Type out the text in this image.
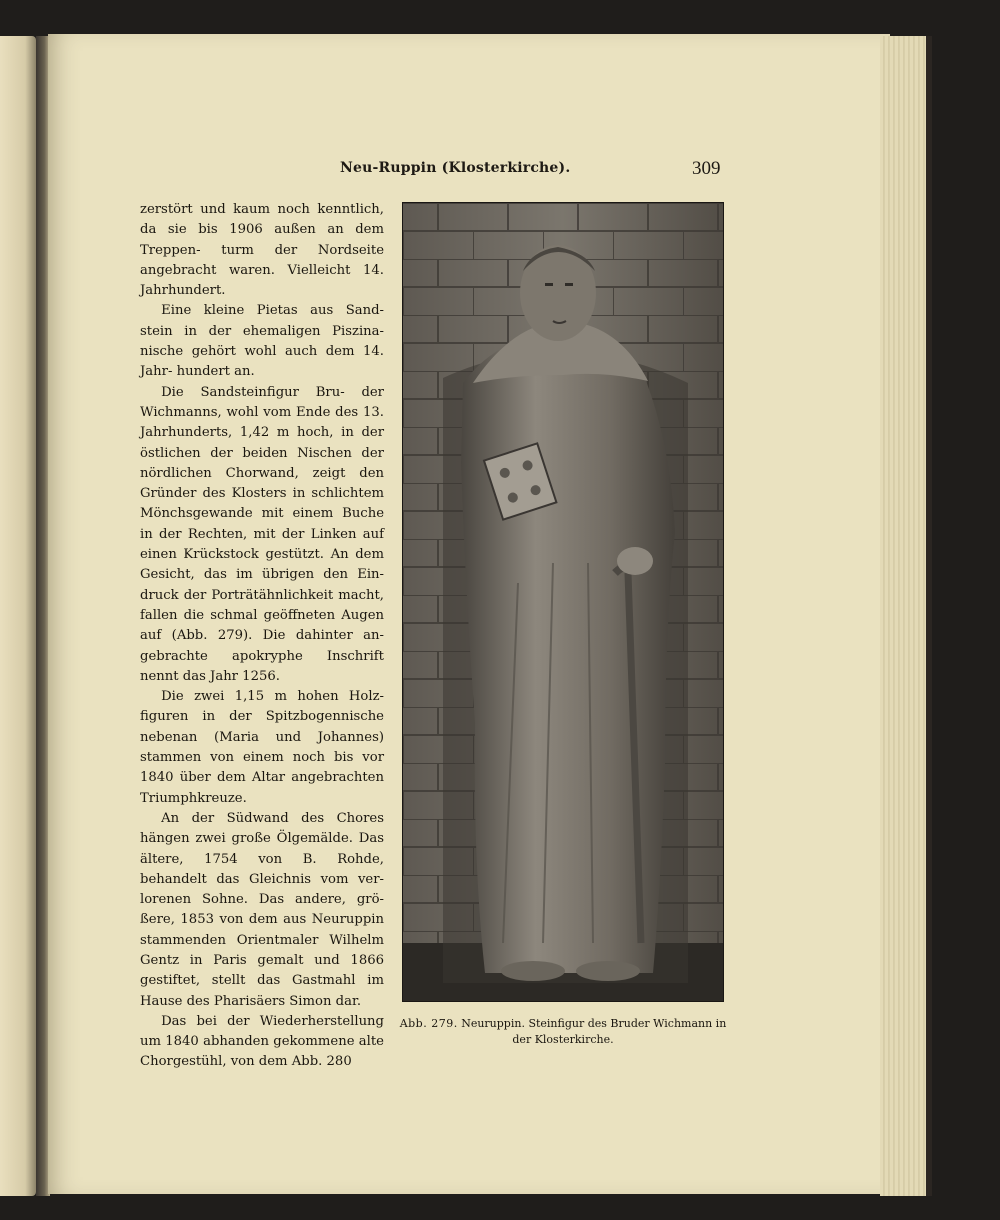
Neu-Ruppin (Klosterkirche).	309

zerstört und kaum noch kenntlich, da sie bis 1906 außen an dem Treppen- turm der Nordseite angebracht waren. Vielleicht 14. Jahrhundert.

Eine kleine Pietas aus Sand- stein in der ehemaligen Piszina- nische gehört wohl auch dem 14. Jahr- hundert an.

Die Sandsteinfigur Bru- der Wichmanns, wohl vom Ende des 13. Jahrhunderts, 1,42 m hoch, in der östlichen der beiden Nischen der nördlichen Chorwand, zeigt den Gründer des Klosters in schlichtem Mönchsgewande mit einem Buche in der Rechten, mit der Linken auf einen Krückstock gestützt. An dem Gesicht, das im übrigen den Ein- druck der Porträtähnlichkeit macht, fallen die schmal geöffneten Augen auf (Abb. 279). Die dahinter an- gebrachte apokryphe Inschrift nennt das Jahr 1256.

Die zwei 1,15 m hohen Holz- figuren in der Spitzbogennische nebenan (Maria und Johannes) stammen von einem noch bis vor 1840 über dem Altar angebrachten Triumphkreuze.

An der Südwand des Chores hängen zwei große Ölgemälde. Das ältere, 1754 von B. Rohde, behandelt das Gleichnis vom ver- lorenen Sohne. Das andere, grö- ßere, 1853 von dem aus Neuruppin stammenden Orientmaler Wilhelm Gentz in Paris gemalt und 1866 gestiftet, stellt das Gastmahl im Hause des Pharisäers Simon dar.

Das bei der Wiederherstellung um 1840 abhanden gekommene alte Chorgestühl, von dem Abb. 280

Abb. 279. Neuruppin. Steinfigur des Bruder Wichmann in der Klosterkirche.
